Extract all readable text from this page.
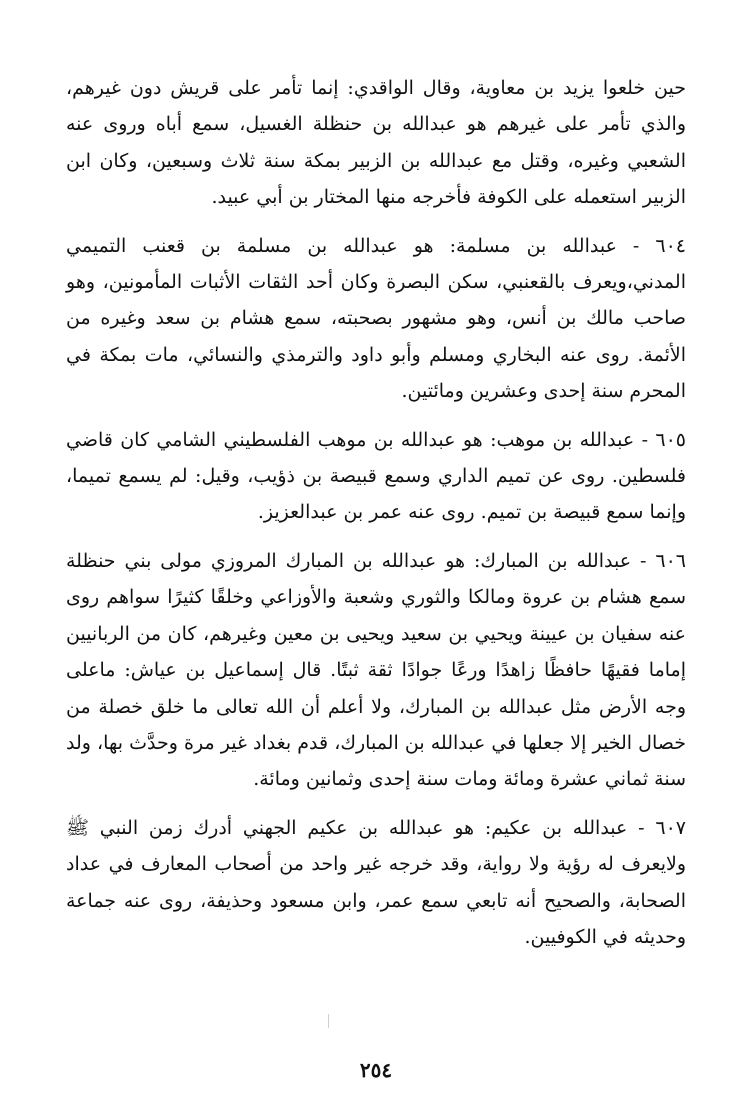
حين خلعوا يزيد بن معاوية، وقال الواقدي: إنما تأمر على قريش دون غيرهم، والذي تأمر على غيرهم هو عبدالله بن حنظلة الغسيل، سمع أباه وروى عنه الشعبي وغيره، وقتل مع عبدالله بن الزبير بمكة سنة ثلاث وسبعين، وكان ابن الزبير استعمله على الكوفة فأخرجه منها المختار بن أبي عبيد.

٦٠٤ - عبدالله بن مسلمة: هو عبدالله بن مسلمة بن قعنب التميمي المدني،ويعرف بالقعنبي، سكن البصرة وكان أحد الثقات الأثبات المأمونين، وهو صاحب مالك بن أنس، وهو مشهور بصحبته، سمع هشام بن سعد وغيره من الأئمة. روى عنه البخاري ومسلم وأبو داود والترمذي والنسائي، مات بمكة في المحرم سنة إحدى وعشرين ومائتين.

٦٠٥ - عبدالله بن موهب: هو عبدالله بن موهب الفلسطيني الشامي كان قاضي فلسطين. روى عن تميم الداري وسمع قبيصة بن ذؤيب، وقيل: لم يسمع تميما، وإنما سمع قبيصة بن تميم. روى عنه عمر بن عبدالعزيز.

٦٠٦ - عبدالله بن المبارك: هو عبدالله بن المبارك المروزي مولى بني حنظلة سمع هشام بن عروة ومالكا والثوري وشعبة والأوزاعي وخلقًا كثيرًا سواهم روى عنه سفيان بن عيينة ويحيي بن سعيد ويحيى بن معين وغيرهم، كان من الربانيين إماما فقيهًا حافظًا زاهدًا ورعًا جوادًا ثقة ثبتًا. قال إسماعيل بن عياش: ماعلى وجه الأرض مثل عبدالله بن المبارك، ولا أعلم أن الله تعالى ما خلق خصلة من خصال الخير إلا جعلها في عبدالله بن المبارك، قدم بغداد غير مرة وحدَّث بها، ولد سنة ثماني عشرة ومائة ومات سنة إحدى وثمانين ومائة.

٦٠٧ - عبدالله بن عكيم: هو عبدالله بن عكيم الجهني أدرك زمن النبي ﷺ ولايعرف له رؤية ولا رواية، وقد خرجه غير واحد من أصحاب المعارف في عداد الصحابة، والصحيح أنه تابعي سمع عمر، وابن مسعود وحذيفة، روى عنه جماعة وحديثه في الكوفيين.

٢٥٤
